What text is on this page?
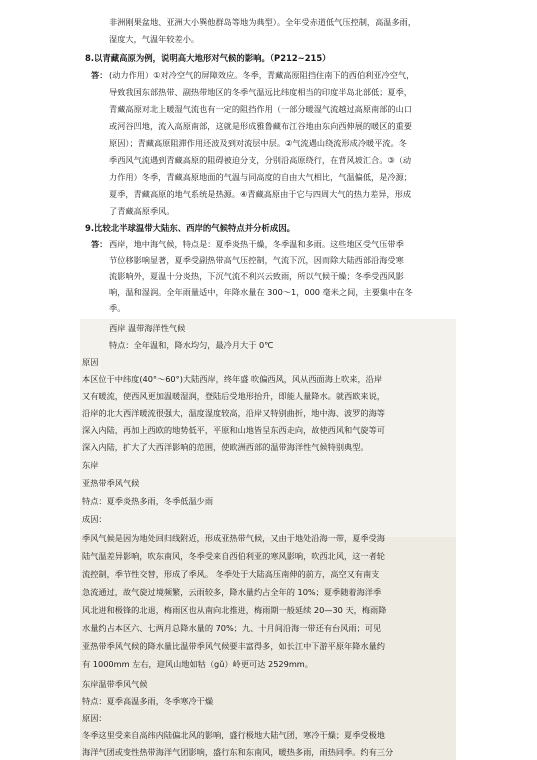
非洲刚果盆地、亚洲大小巽他群岛等地为典型）。全年受赤道低气压控制，高温多雨，

湿度大，气温年较差小。

8.以青藏高原为例，说明高大地形对气候的影响。（P212~215）

答： (动力作用）①对冷空气的屏障效应。冬季，青藏高原阻挡住南下的西伯利亚冷空气，

导致我国东部热带、副热带地区的冬季气温远比纬度相当的印度半岛北部低；夏季，

青藏高原对北上暖湿气流也有一定的阻挡作用（一部分暖湿气流越过高原南部的山口

或河谷凹地，流入高原南部，这就是形成雅鲁藏布江谷地由东向西伸展的暖区的重要

原因）；青藏高原阻滞作用还波及到对流层中层。②气流遇山绕流形成冷暖平流。冬

季西风气流遇到青藏高原的阻碍被迫分支，分别沿高原绕行，在背风坡汇合。③（动

力作用）冬季，青藏高原地面的气温与同高度的自由大气相比，气温偏低，是冷源；

夏季，青藏高原的地气系统是热源。④青藏高原由于它与四周大气的热力差异，形成

了青藏高原季风。

9.比较北半球温带大陆东、西岸的气候特点并分析成因。

答： 西岸，地中海气候，特点是：夏季炎热干燥，冬季温和多雨。这些地区受气压带季

节位移影响显著，夏季受副热带高气压控制，气流下沉，因而除大陆西部沿海受寒

流影响外，夏温十分炎热，下沉气流不利兴云致雨，所以气候干燥；冬季受西风影

响，温和湿润。全年雨量适中，年降水量在 300～1，000 毫米之间，主要集中在冬

季。

西岸 温带海洋性气候

特点：全年温和，降水均匀，最冷月大于 0℃

原因

本区位于中纬度(40°～60°)大陆西岸，终年盛 吹偏西风，风从西面海上吹来，沿岸

又有暖流，使西风更加温暖湿润，登陆后受地形抬升，即能人量降水。就西欧来说，

沿岸的北大西洋暖流很强大，温度湿度较高，沿岸又特别曲折，地中海、波罗的海等

深入内陆，再加上西欧的地势低平，平原和山地皆呈东西走向，故使西风和气旋等可

深入内陆，扩大了大西洋影响的范围，使欧洲西部的温带海洋性气候特别典型。

东岸

亚热带季风气候

特点：夏季炎热多雨，冬季低温少雨

成因：

季风气候是因为地处回归线附近，形成亚热带气候，又由于地处沿海一带，夏季受海

陆气温差异影响，吹东南风，冬季受来自西伯利亚的寒风影响，吹西北风，这一者轮

流控制，季节性交替，形成了季风。 冬季处于大陆高压南伸的前方，高空又有南支

急流通过，故气旋过境频繁，云雨较多，降水量约占全年的 10%；夏季随着海洋季

风北进和极锋的北退，梅雨区也从南向北推进，梅雨期一般延续 20—30 天，梅雨降

水量约占本区六、七两月总降水量的 70%；九、十月间沿海一带还有台风雨；可见

亚热带季风气候的降水量比温带季风气候要丰富得多，如长江中下游平原年降水量约

有 1000mm 左右，迎风山地如牯（gǔ）岭更可达 2529mm。

东岸温带季风气候

特点：夏季高温多雨，冬季寒冷干燥

原因：

冬季这里受来自高纬内陆偏北风的影响，盛行极地大陆气团，寒冷干燥；夏季受极地

海洋气团或变性热带海洋气团影响，盛行东和东南风，暖热多雨，雨热同季。约有三分
